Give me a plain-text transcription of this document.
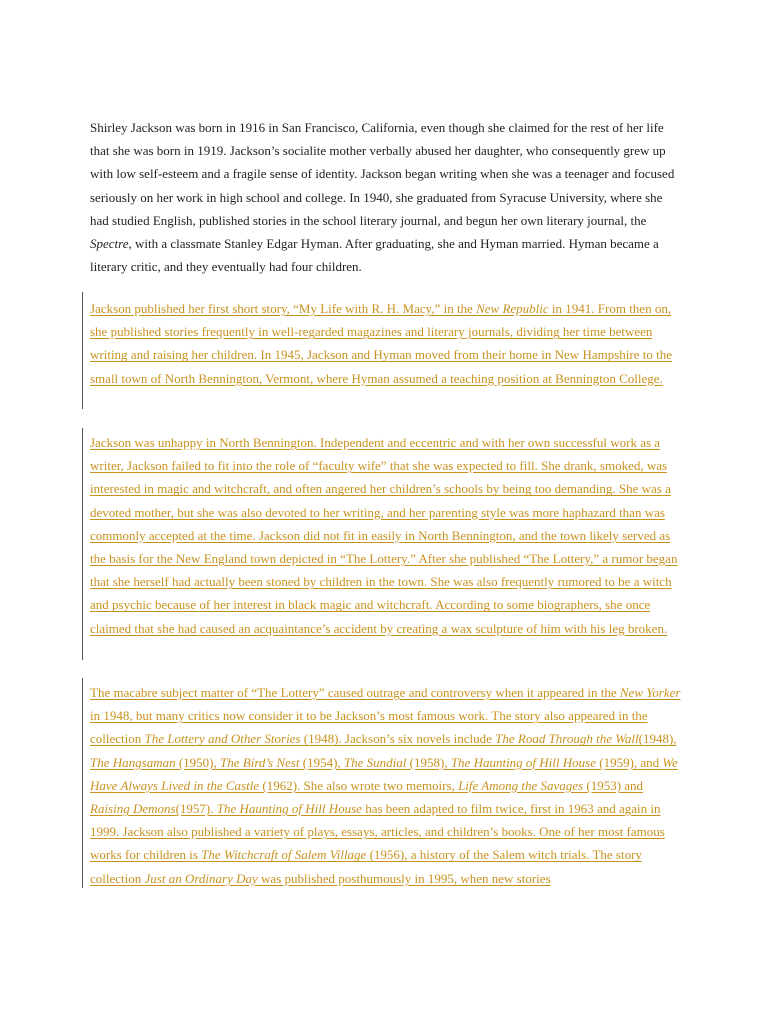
Shirley Jackson was born in 1916 in San Francisco, California, even though she claimed for the rest of her life that she was born in 1919. Jackson’s socialite mother verbally abused her daughter, who consequently grew up with low self-esteem and a fragile sense of identity. Jackson began writing when she was a teenager and focused seriously on her work in high school and college. In 1940, she graduated from Syracuse University, where she had studied English, published stories in the school literary journal, and begun her own literary journal, the Spectre, with a classmate Stanley Edgar Hyman. After graduating, she and Hyman married. Hyman became a literary critic, and they eventually had four children.

Jackson published her first short story, “My Life with R. H. Macy,” in the New Republic in 1941. From then on, she published stories frequently in well-regarded magazines and literary journals, dividing her time between writing and raising her children. In 1945, Jackson and Hyman moved from their home in New Hampshire to the small town of North Bennington, Vermont, where Hyman assumed a teaching position at Bennington College.

Jackson was unhappy in North Bennington. Independent and eccentric and with her own successful work as a writer, Jackson failed to fit into the role of “faculty wife” that she was expected to fill. She drank, smoked, was interested in magic and witchcraft, and often angered her children’s schools by being too demanding. She was a devoted mother, but she was also devoted to her writing, and her parenting style was more haphazard than was commonly accepted at the time. Jackson did not fit in easily in North Bennington, and the town likely served as the basis for the New England town depicted in “The Lottery.” After she published “The Lottery,” a rumor began that she herself had actually been stoned by children in the town. She was also frequently rumored to be a witch and psychic because of her interest in black magic and witchcraft. According to some biographers, she once claimed that she had caused an acquaintance’s accident by creating a wax sculpture of him with his leg broken.

The macabre subject matter of “The Lottery” caused outrage and controversy when it appeared in the New Yorker in 1948, but many critics now consider it to be Jackson’s most famous work. The story also appeared in the collection The Lottery and Other Stories (1948). Jackson’s six novels include The Road Through the Wall(1948), The Hangsaman (1950), The Bird’s Nest (1954), The Sundial (1958), The Haunting of Hill House (1959), and We Have Always Lived in the Castle (1962). She also wrote two memoirs, Life Among the Savages (1953) and Raising Demons(1957). The Haunting of Hill House has been adapted to film twice, first in 1963 and again in 1999. Jackson also published a variety of plays, essays, articles, and children’s books. One of her most famous works for children is The Witchcraft of Salem Village (1956), a history of the Salem witch trials. The story collection Just an Ordinary Day was published posthumously in 1995, when new stories
